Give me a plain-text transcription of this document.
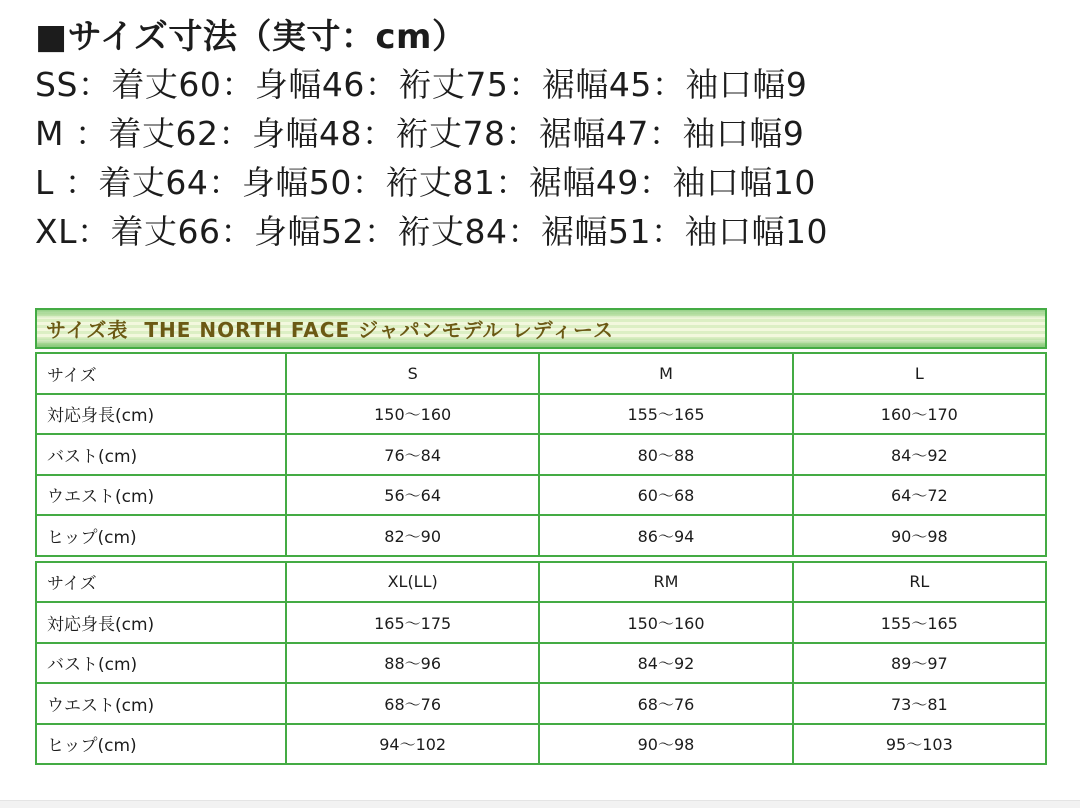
■サイズ寸法（実寸：cm）
SS：着丈60：身幅46：裄丈75：裾幅45：袖口幅9
M ：着丈62：身幅48：裄丈78：裾幅47：袖口幅9
L ：着丈64：身幅50：裄丈81：裾幅49：袖口幅10
XL：着丈66：身幅52：裄丈84：裾幅51：袖口幅10
サイズ表  THE NORTH FACE ジャパンモデル レディース
サイズ	S	M	L
対応身長(cm)	150～160	155～165	160～170
バスト(cm)	76～84	80～88	84～92
ウエスト(cm)	56～64	60～68	64～72
ヒップ(cm)	82～90	86～94	90～98
サイズ	XL(LL)	RM	RL
対応身長(cm)	165～175	150～160	155～165
バスト(cm)	88～96	84～92	89～97
ウエスト(cm)	68～76	68～76	73～81
ヒップ(cm)	94～102	90～98	95～103
